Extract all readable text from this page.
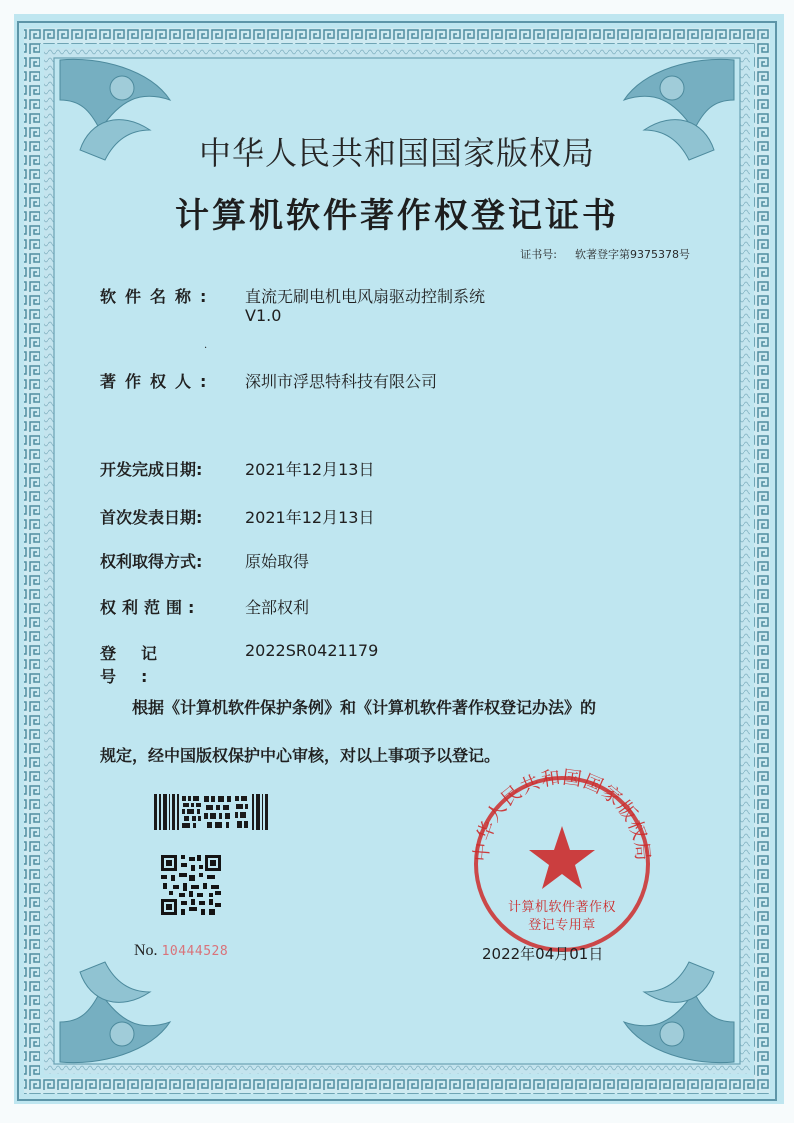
中华人民共和国国家版权局
计算机软件著作权登记证书
证书号: 软著登字第9375378号
软件名称:	直流无刷电机电风扇驱动控制系统
V1.0
.
著作权人:	深圳市浮思特科技有限公司
开发完成日期:	2021年12月13日
首次发表日期:	2021年12月13日
权利取得方式:	原始取得
权利范围:	全部权利
登记号:
2022SR0421179
根据《计算机软件保护条例》和《计算机软件著作权登记办法》的
规定，经中国版权保护中心审核，对以上事项予以登记。
No. 10444528
中华人民共和国国家版权局
计算机软件著作权
登记专用章
2022年04月01日
